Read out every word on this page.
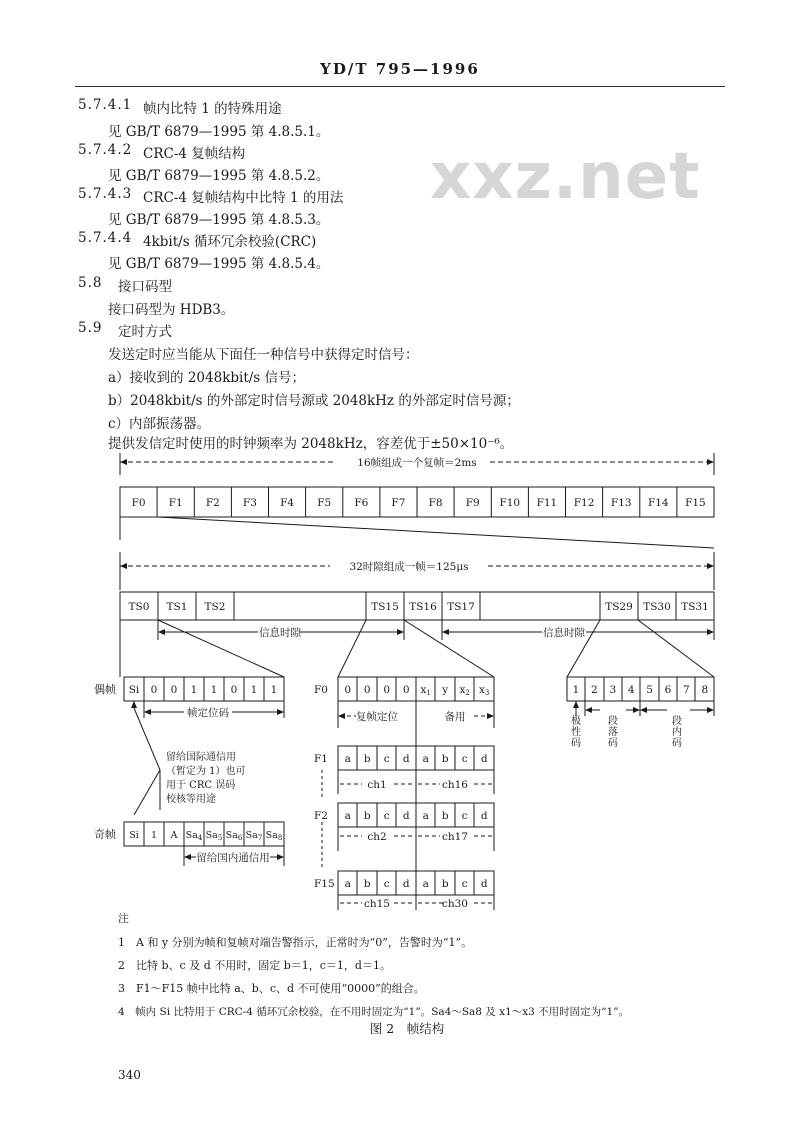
YD/T 795—1996
xxz.net
5.7.4.1 帧内比特 1 的特殊用途
见 GB/T 6879—1995 第 4.8.5.1。
5.7.4.2 CRC-4 复帧结构
见 GB/T 6879—1995 第 4.8.5.2。
5.7.4.3 CRC-4 复帧结构中比特 1 的用法
见 GB/T 6879—1995 第 4.8.5.3。
5.7.4.4 4kbit/s 循环冗余校验(CRC)
见 GB/T 6879—1995 第 4.8.5.4。
5.8 接口码型
接口码型为 HDB3。
5.9 定时方式
发送定时应当能从下面任一种信号中获得定时信号：
a）接收到的 2048kbit/s 信号；
b）2048kbit/s 的外部定时信号源或 2048kHz 的外部定时信号源；
c）内部振荡器。
提供发信定时使用的时钟频率为 2048kHz，容差优于±50×10⁻⁶。
16帧组成一个复帧＝2ms
F0 F1 F2 F3 F4 F5 F6 F7 F8 F9 F10 F11 F12 F13 F14 F15
32时隙组成一帧＝125μs
TS0 TS1 TS2	TS15 TS16 TS17	TS29 TS30 TS31
信息时隙	信息时隙
偶帧 Si 0 0 1 1 0 1 1
帧定位码
留给国际通信用
（暂定为 1）也可
用于 CRC 误码
校核等用途
奇帧 Si 1 A $Sa_4$ $Sa_5$ $Sa_6$ $Sa_7$ $Sa_8$
留给国内通信用
F0 0 0 0 0 x1 y x2 x3
复帧定位	备用
F1 a b c d a b c d
ch1	ch16
F2 a b c d a b c d
ch2	ch17
F15 a b c d a b c d
ch15	ch30
1 2 3 4 5 6 7 8
极
性
码
段
落
码
段
内
码
注
1　A 和 y 分别为帧和复帧对端告警指示，正常时为“0”，告警时为“1”。
2　比特 b、c 及 d 不用时，固定 b＝1，c＝1，d＝1。
3　F1～F15 帧中比特 a、b、c、d 不可使用“0000”的组合。
4　帧内 Si 比特用于 CRC-4 循环冗余校验，在不用时固定为“1”。Sa4～Sa8 及 x1～x3 不用时固定为“1”。
图 2　帧结构
340
